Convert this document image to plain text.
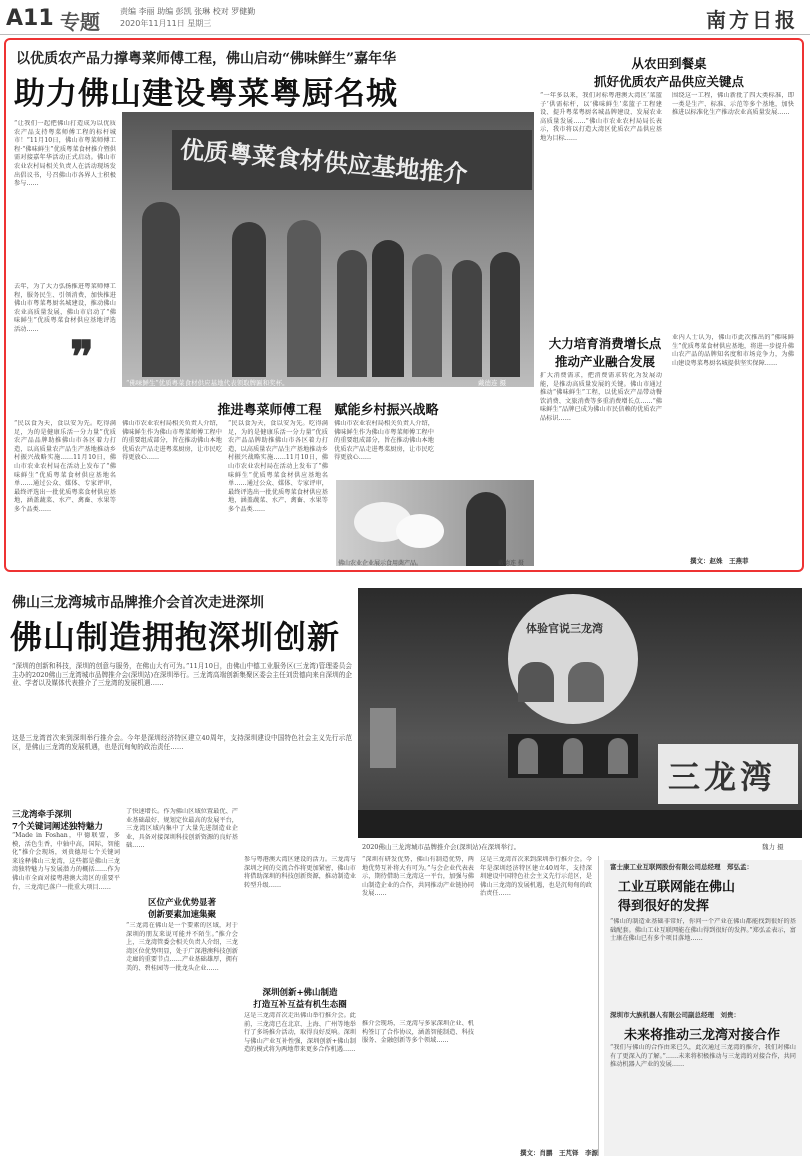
A11 专题	责编 李丽 助编 彭凯 张琳 校对 罗健勤
2020年11月11日 星期三	南方日报
以优质农产品力撑粤菜师傅工程，佛山启动“佛味鲜生”嘉年华
助力佛山建设粤菜粤厨名城
“让我们一起把佛山打造成为以优质农产品支持粤菜师傅工程的标杆城市！”11月10日，佛山市粤菜师傅工程·“佛味鲜生”优质粤菜食材推介暨供需对接嘉年华活动正式启动。佛山市农业农村局相关负责人在活动现场发出倡议书，号召佛山市各界人士积极参与……
去年，为了大力弘扬推进粤菜师傅工程，服务民生、引领消费，加快推进佛山市粤菜粤厨名城建设，推动佛山农业高质量发展，佛山市启动了“佛味鲜生”优质粤菜食材供应基地评选活动……
❞
优质粤菜食材供应基地推介
“佛味鲜生”优质粤菜食材供应基地代表领取牌匾和奖杯。	戴德连 摄
推进粤菜师傅工程　赋能乡村振兴战略
“民以食为天，食以安为先。吃得满足，为的是健康乐活一分力量”优质农产品品牌助推佛山市各区着力打造，以高质量农产品生产基地推动乡村振兴战略实施……11月10日，佛山市农业农村局在活动上发布了“佛味鲜生”优质粤菜食材供应基地名单……通过公众、媒体、专家评审，最终评选出一批优质粤菜食材供应基地，涵盖蔬菜、水产、禽畜、水果等多个品类……
佛山市农业农村局相关负责人介绍，佛味鲜生作为佛山市粤菜师傅工程中的重要组成部分，旨在推动佛山本地优质农产品走进粤菜厨房，让市民吃得更放心……
“民以食为天，食以安为先。吃得满足，为的是健康乐活一分力量”优质农产品品牌助推佛山市各区着力打造，以高质量农产品生产基地推动乡村振兴战略实施……11月10日，佛山市农业农村局在活动上发布了“佛味鲜生”优质粤菜食材供应基地名单……通过公众、媒体、专家评审，最终评选出一批优质粤菜食材供应基地，涵盖蔬菜、水产、禽畜、水果等多个品类……
佛山市农业农村局相关负责人介绍，佛味鲜生作为佛山市粤菜师傅工程中的重要组成部分，旨在推动佛山本地优质农产品走进粤菜厨房，让市民吃得更放心……
佛山农业企业展示食用菌产品。	戴德连 摄
从农田到餐桌
抓好优质农产品供应关键点
“一年多以来，我们对标粤港澳大湾区‘菜篮子’供需标杆，以‘佛味鲜生’菜篮子工程建设、提升粤菜粤厨名城品牌建设、发展农业高质量发展……”佛山市农业农村局局长表示，我市将以打造大湾区优质农产品供应基地为目标……
围绕这一工程，佛山新批了四大类标准，即一类是生产、标准、示范等多个基地，加快推进以标准化生产推动农业高质量发展……
大力培育消费增长点
推动产业融合发展
扩大消费需求，把消费需求转化为发展动能，是推动高质量发展的关键。佛山市通过推动“佛味鲜生”工程，以优质农产品带动餐饮消费、文旅消费等多重消费增长点……“佛味鲜生”品牌已成为佛山市民信赖的优质农产品标识……
业内人士认为，佛山市此次推出的“佛味鲜生”优质粤菜食材供应基地，将进一步提升佛山农产品的品牌知名度和市场竞争力，为佛山建设粤菜粤厨名城提供坚实保障……
撰文：赵姝　王燕菲
佛山三龙湾城市品牌推介会首次走进深圳
佛山制造拥抱深圳创新
“深圳的创新和科技，深圳的创意与服务，在佛山大有可为。”11月10日，由佛山中德工业服务区(三龙湾)管理委员会主办的2020佛山三龙湾城市品牌推介会(深圳站)在深圳举行。三龙湾高端创新集聚区委会主任刘贵德向来自深圳的企业、学者以及媒体代表推介了三龙湾的发展机遇……
这是三龙湾首次来到深圳举行推介会。今年是深圳经济特区建立40周年，支持深圳建设中国特色社会主义先行示范区，是佛山三龙湾的发展机遇，也是沉甸甸的政治责任……
体验官说三龙湾
三龙湾
2020佛山三龙湾城市品牌推介会(深圳站)在深圳举行。	魏力 摄
三龙湾牵手深圳
7个关键词阐述独特魅力
“Made in Foshan，中德联盟，多模，活色生香，中轴中高，国际，智能化”推介会现场，刘贵德用七个关键词来诠释佛山三龙湾，这些都是佛山三龙湾独特魅力与发展潜力的概括……作为佛山市全面对接粤港澳大湾区的重要平台，三龙湾已落户一批重大项目……
了快速增长。作为佛山区域位置最优、产业基础最好、规划定位最高的发展平台，三龙湾区域内集中了大量先进制造业企业，具备对接深圳科技创新资源的良好基础……
区位产业优势显著
创新要素加速集聚
“三龙湾在佛山是一个要素的区域，对于深圳的朋友来说可能并不陌生。”推介会上，三龙湾管委会相关负责人介绍，三龙湾区位优势明显，处于广深港澳科技创新走廊的重要节点……产业基础雄厚，拥有美的、碧桂园等一批龙头企业……
参与粤港澳大湾区建设的活力。三龙湾与深圳之间的交流合作将更加紧密，佛山市将借助深圳的科技创新资源，推动制造业转型升级……
深圳创新+佛山制造
打造互补互益有机生态圈
这是三龙湾首次走出佛山举行推介会。此前，三龙湾已在北京、上海、广州等地举行了多场推介活动，取得良好反响。深圳与佛山产业互补性强，深圳创新+佛山制造的模式将为两地带来更多合作机遇……
“深圳有研发优势，佛山有制造优势，两地优势互补将大有可为。”与会企业代表表示，期待借助三龙湾这一平台，加强与佛山制造企业的合作，共同推动产业链协同发展……
推介会现场，三龙湾与多家深圳企业、机构签订了合作协议，涵盖智能制造、科技服务、金融创新等多个领域……
这是三龙湾首次来到深圳举行推介会。今年是深圳经济特区建立40周年，支持深圳建设中国特色社会主义先行示范区，是佛山三龙湾的发展机遇，也是沉甸甸的政治责任……
撰文：肖鹏　王芃铎　李源
富士康工业互联网股份有限公司总经理　郑弘孟：
工业互联网能在佛山
得到很好的发挥
“佛山的制造业基础非常好，你问一个产业在佛山都能找到很好的基础配套。佛山工业互联网能在佛山得到很好的发挥。”郑弘孟表示，富士康在佛山已有多个项目落地……
深圳市大族机器人有限公司副总经理　刘贵：
未来将推动三龙湾对接合作
“我们与佛山的合作由来已久，此次通过三龙湾的推介，我们对佛山有了更深入的了解。”……未来将积极推动与三龙湾的对接合作，共同推动机器人产业的发展……
